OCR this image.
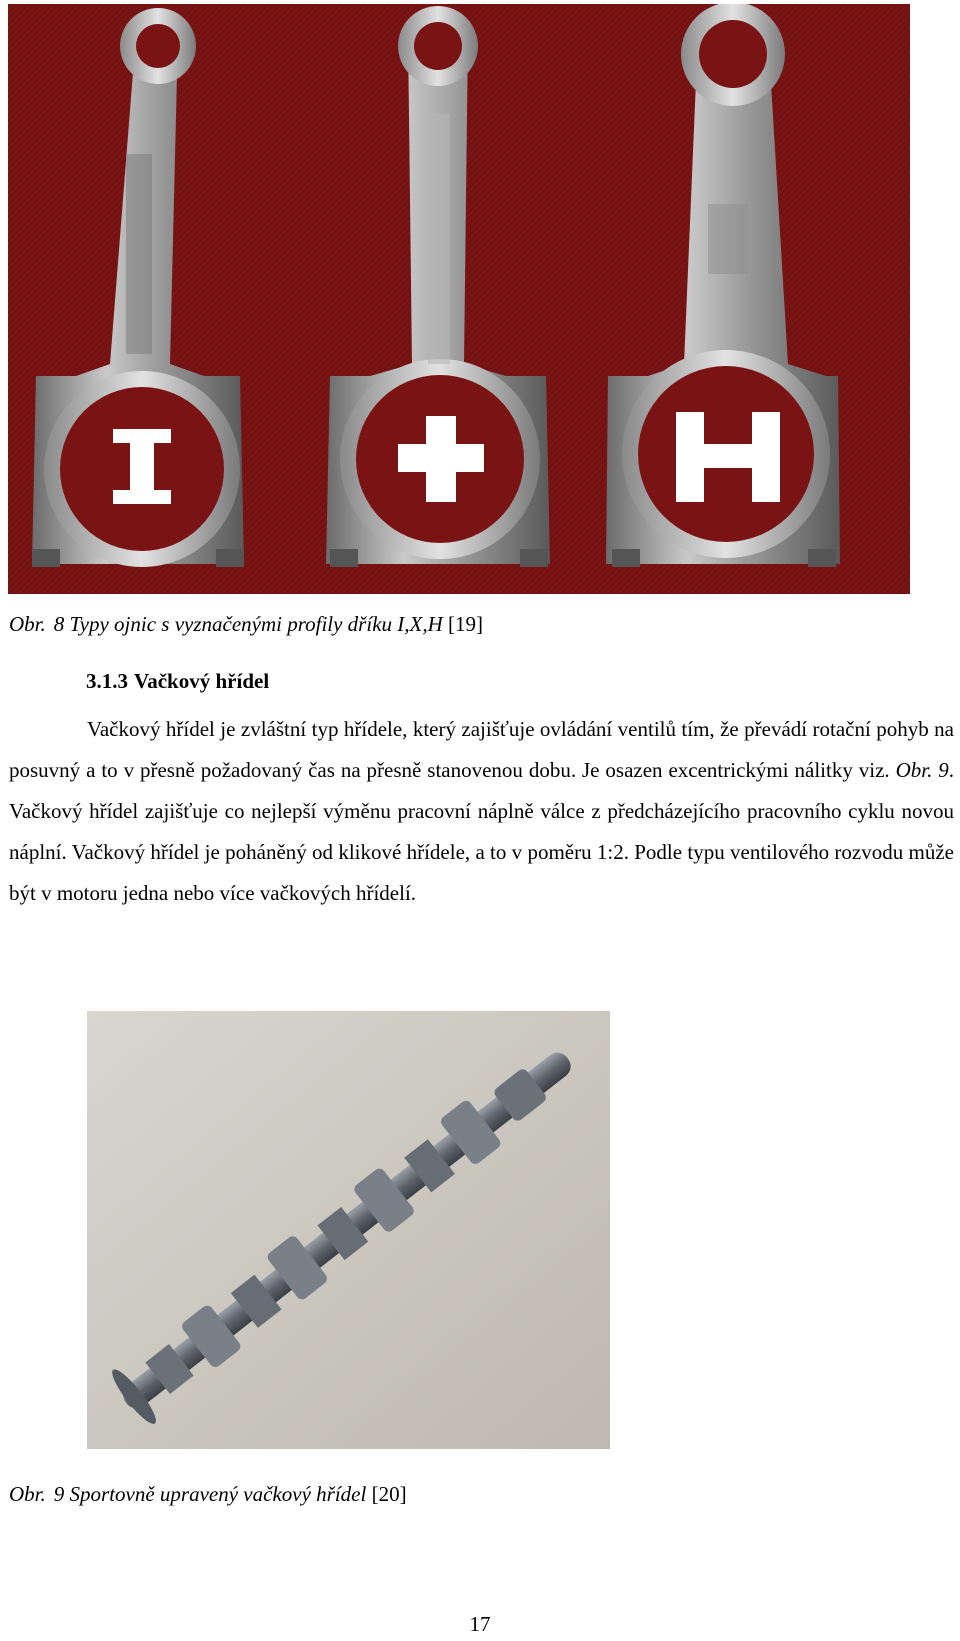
Obr. 8 Typy ojnic s vyznačenými profily dříku I,X,H [19]
3.1.3 Vačkový hřídel

Vačkový hřídel je zvláštní typ hřídele, který zajišťuje ovládání ventilů tím, že převádí rotační pohyb na posuvný a to v přesně požadovaný čas na přesně stanovenou dobu. Je osazen excentrickými nálitky viz. Obr. 9. Vačkový hřídel zajišťuje co nejlepší výměnu pracovní náplně válce z předcházejícího pracovního cyklu novou náplní. Vačkový hřídel je poháněný od klikové hřídele, a to v poměru 1:2. Podle typu ventilového rozvodu může být v motoru jedna nebo více vačkových hřídelí.

Obr. 9 Sportovně upravený vačkový hřídel [20]
17
